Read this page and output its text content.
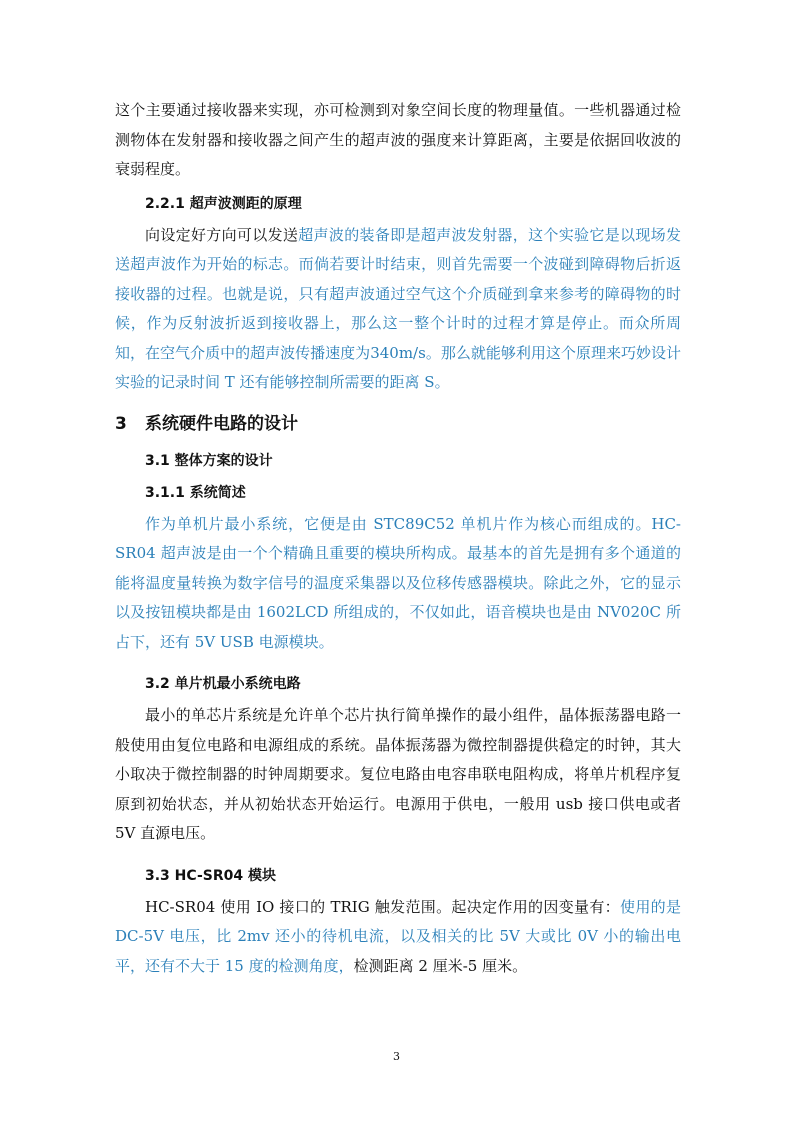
这个主要通过接收器来实现，亦可检测到对象空间长度的物理量值。一些机器通过检测物体在发射器和接收器之间产生的超声波的强度来计算距离，主要是依据回收波的衰弱程度。

2.2.1 超声波测距的原理

向设定好方向可以发送超声波的装备即是超声波发射器，这个实验它是以现场发送超声波作为开始的标志。而倘若要计时结束，则首先需要一个波碰到障碍物后折返接收器的过程。也就是说，只有超声波通过空气这个介质碰到拿来参考的障碍物的时候，作为反射波折返到接收器上，那么这一整个计时的过程才算是停止。而众所周知，在空气介质中的超声波传播速度为340m/s。那么就能够利用这个原理来巧妙设计实验的记录时间 T 还有能够控制所需要的距离 S。

3 系统硬件电路的设计
3.1 整体方案的设计
3.1.1 系统简述

作为单机片最小系统，它便是由 STC89C52 单机片作为核心而组成的。HC-SR04 超声波是由一个个精确且重要的模块所构成。最基本的首先是拥有多个通道的能将温度量转换为数字信号的温度采集器以及位移传感器模块。除此之外，它的显示以及按钮模块都是由 1602LCD 所组成的，不仅如此，语音模块也是由 NV020C 所占下，还有 5V USB 电源模块。

3.2 单片机最小系统电路

最小的单芯片系统是允许单个芯片执行简单操作的最小组件，晶体振荡器电路一般使用由复位电路和电源组成的系统。晶体振荡器为微控制器提供稳定的时钟，其大小取决于微控制器的时钟周期要求。复位电路由电容串联电阻构成，将单片机程序复原到初始状态，并从初始状态开始运行。电源用于供电，一般用 usb 接口供电或者 5V 直源电压。

3.3 HC-SR04 模块

HC-SR04 使用 IO 接口的 TRIG 触发范围。起决定作用的因变量有：使用的是 DC-5V 电压，比 2mv 还小的待机电流，以及相关的比 5V 大或比 0V 小的输出电平，还有不大于 15 度的检测角度，检测距离 2 厘米-5 厘米。

3
